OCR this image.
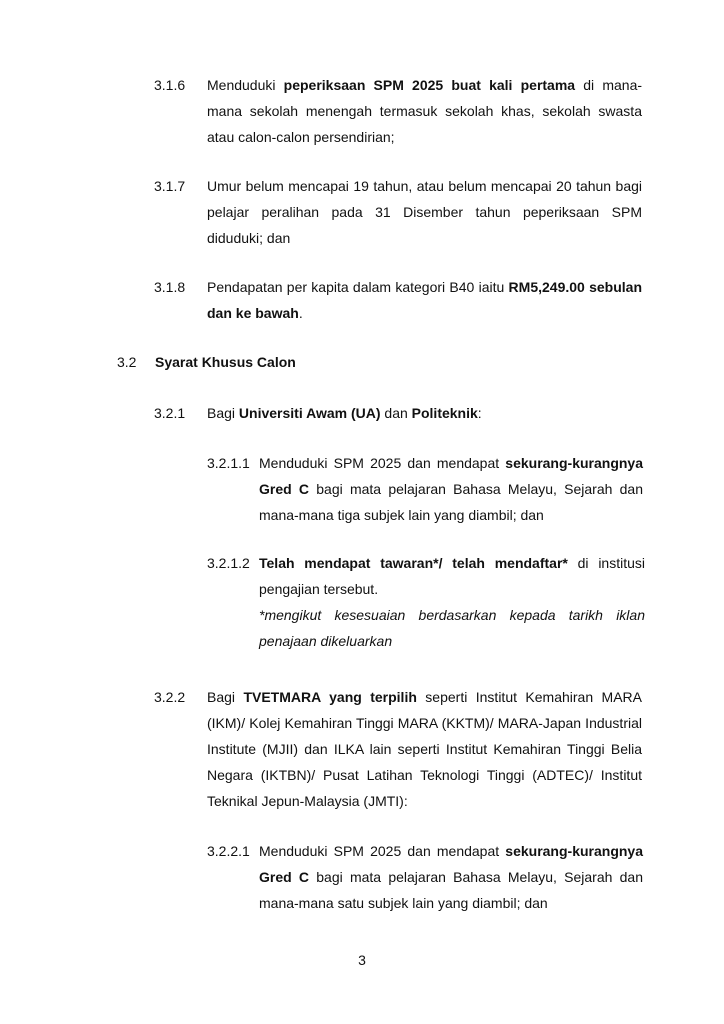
3.1.6 Menduduki peperiksaan SPM 2025 buat kali pertama di mana-mana sekolah menengah termasuk sekolah khas, sekolah swasta atau calon-calon persendirian;
3.1.7 Umur belum mencapai 19 tahun, atau belum mencapai 20 tahun bagi pelajar peralihan pada 31 Disember tahun peperiksaan SPM diduduki; dan
3.1.8 Pendapatan per kapita dalam kategori B40 iaitu RM5,249.00 sebulan dan ke bawah.
3.2 Syarat Khusus Calon
3.2.1 Bagi Universiti Awam (UA) dan Politeknik:
3.2.1.1 Menduduki SPM 2025 dan mendapat sekurang-kurangnya Gred C bagi mata pelajaran Bahasa Melayu, Sejarah dan mana-mana tiga subjek lain yang diambil; dan
3.2.1.2 Telah mendapat tawaran*/ telah mendaftar* di institusi pengajian tersebut.
*mengikut kesesuaian berdasarkan kepada tarikh iklan penajaan dikeluarkan
3.2.2 Bagi TVETMARA yang terpilih seperti Institut Kemahiran MARA (IKM)/ Kolej Kemahiran Tinggi MARA (KKTM)/ MARA-Japan Industrial Institute (MJII) dan ILKA lain seperti Institut Kemahiran Tinggi Belia Negara (IKTBN)/ Pusat Latihan Teknologi Tinggi (ADTEC)/ Institut Teknikal Jepun-Malaysia (JMTI):
3.2.2.1 Menduduki SPM 2025 dan mendapat sekurang-kurangnya Gred C bagi mata pelajaran Bahasa Melayu, Sejarah dan mana-mana satu subjek lain yang diambil; dan
3
